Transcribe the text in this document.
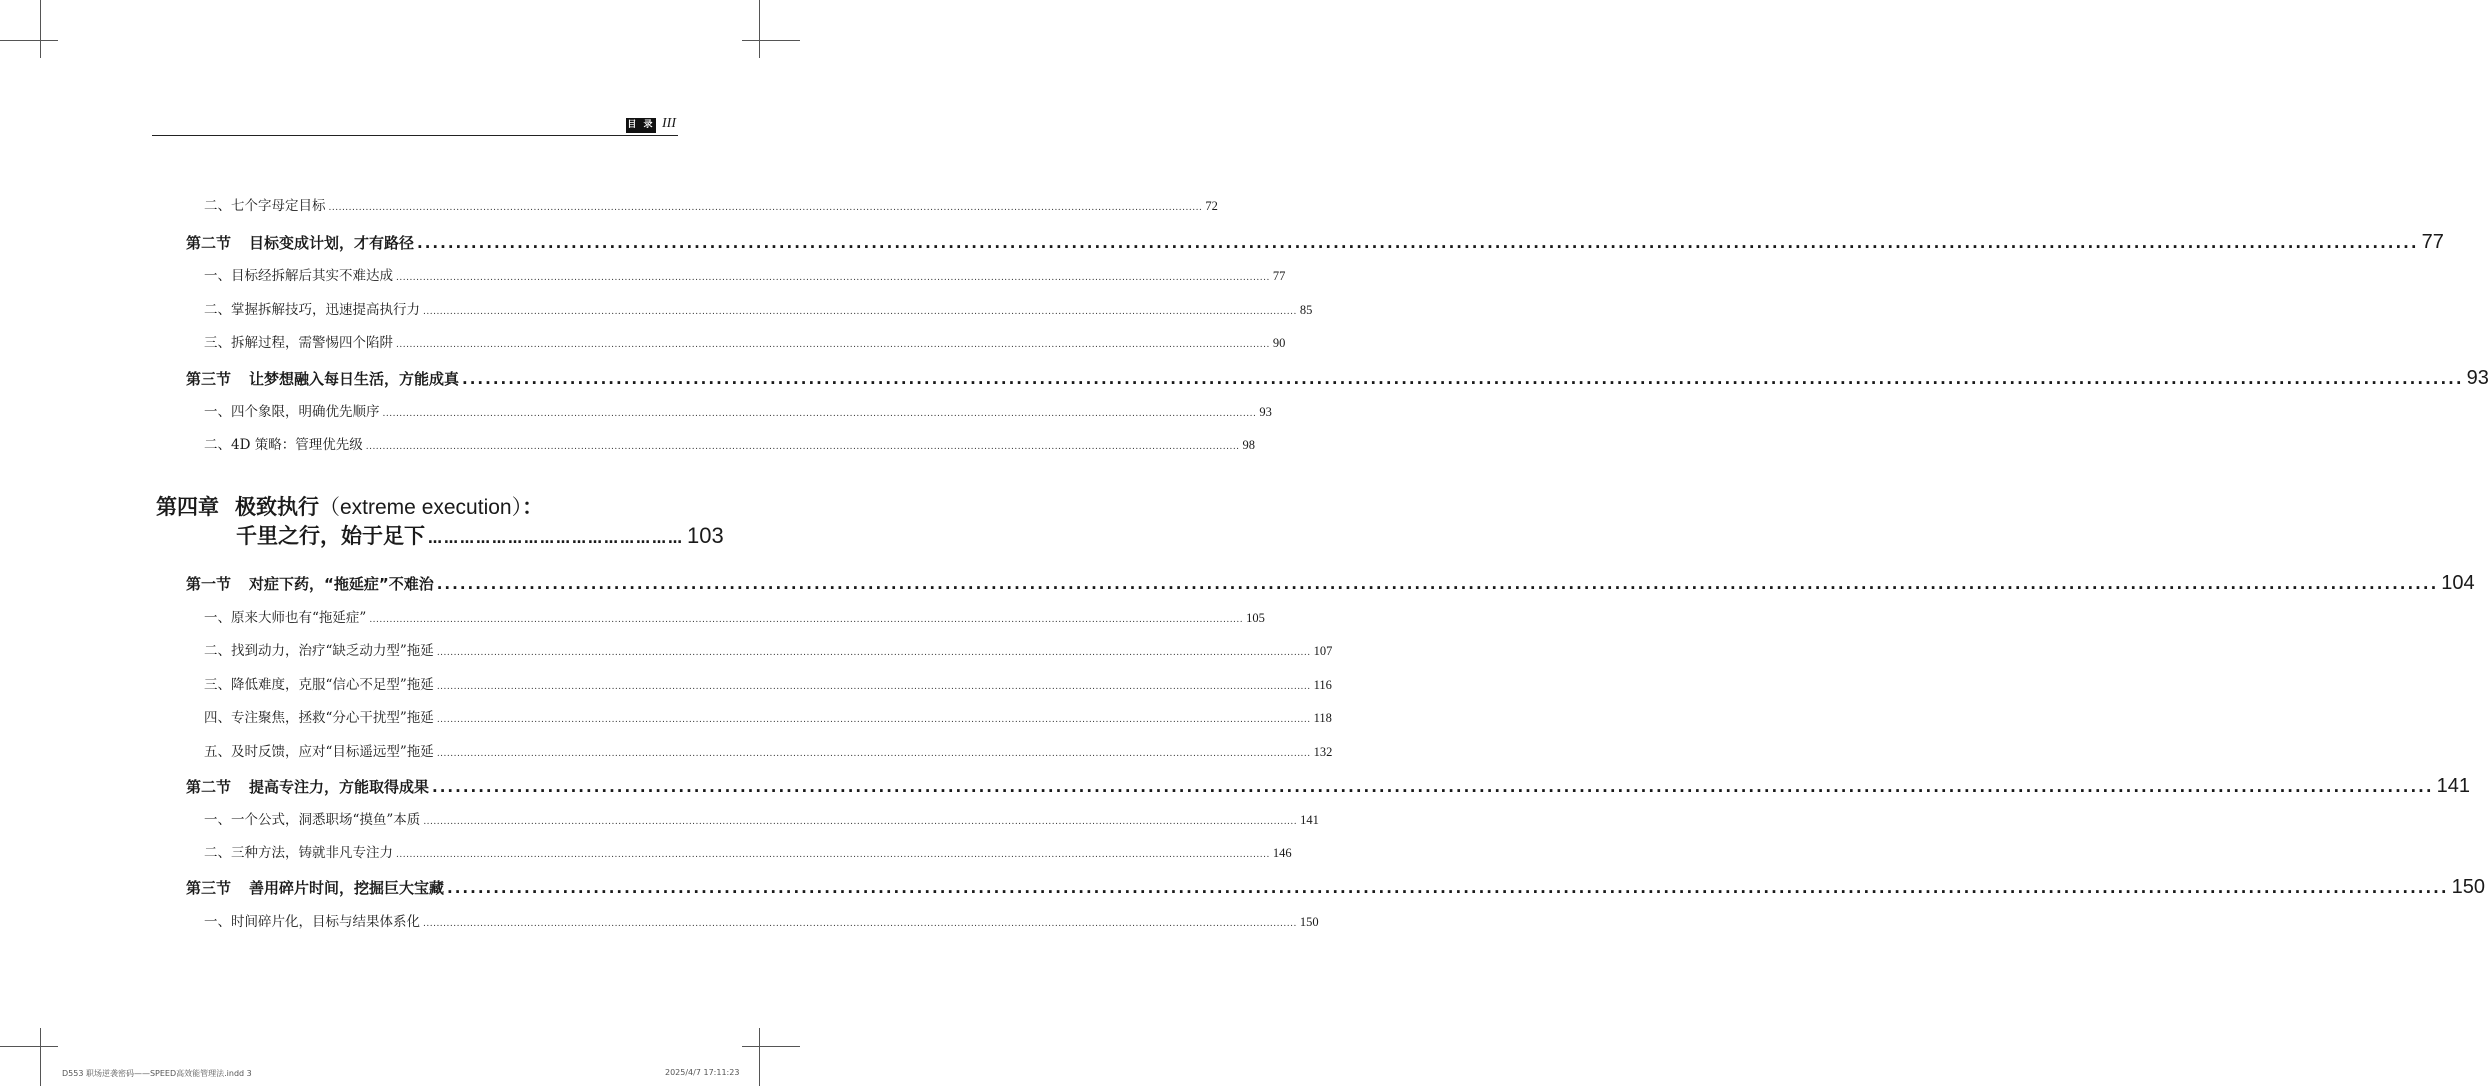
目 录 III
二、七个字母定目标 .................................................................................................................................................................................................................................................................... 72
第二节 目标变成计划，才有路径 .................................................................................................................................................................................................................................................................... 77
一、目标经拆解后其实不难达成 .................................................................................................................................................................................................................................................................... 77
二、掌握拆解技巧，迅速提高执行力 .................................................................................................................................................................................................................................................................... 85
三、拆解过程，需警惕四个陷阱 .................................................................................................................................................................................................................................................................... 90
第三节 让梦想融入每日生活，方能成真 .................................................................................................................................................................................................................................................................... 93
一、四个象限，明确优先顺序 .................................................................................................................................................................................................................................................................... 93
二、4D 策略：管理优先级 .................................................................................................................................................................................................................................................................... 98
第四章 极致执行（extreme execution）：
千里之行，始于足下 ………………………………………… 103
第一节 对症下药，“拖延症”不难治 .................................................................................................................................................................................................................................................................... 104
一、原来大师也有“拖延症” .................................................................................................................................................................................................................................................................... 105
二、找到动力，治疗“缺乏动力型”拖延 .................................................................................................................................................................................................................................................................... 107
三、降低难度，克服“信心不足型”拖延 .................................................................................................................................................................................................................................................................... 116
四、专注聚焦，拯救“分心干扰型”拖延 .................................................................................................................................................................................................................................................................... 118
五、及时反馈，应对“目标遥远型”拖延 .................................................................................................................................................................................................................................................................... 132
第二节 提高专注力，方能取得成果 .................................................................................................................................................................................................................................................................... 141
一、一个公式，洞悉职场“摸鱼”本质 .................................................................................................................................................................................................................................................................... 141
二、三种方法，铸就非凡专注力 .................................................................................................................................................................................................................................................................... 146
第三节 善用碎片时间，挖掘巨大宝藏 .................................................................................................................................................................................................................................................................... 150
一、时间碎片化，目标与结果体系化 .................................................................................................................................................................................................................................................................... 150
D553 职场逆袭密码——SPEED高效能管理法.indd 3	2025/4/7 17:11:23
